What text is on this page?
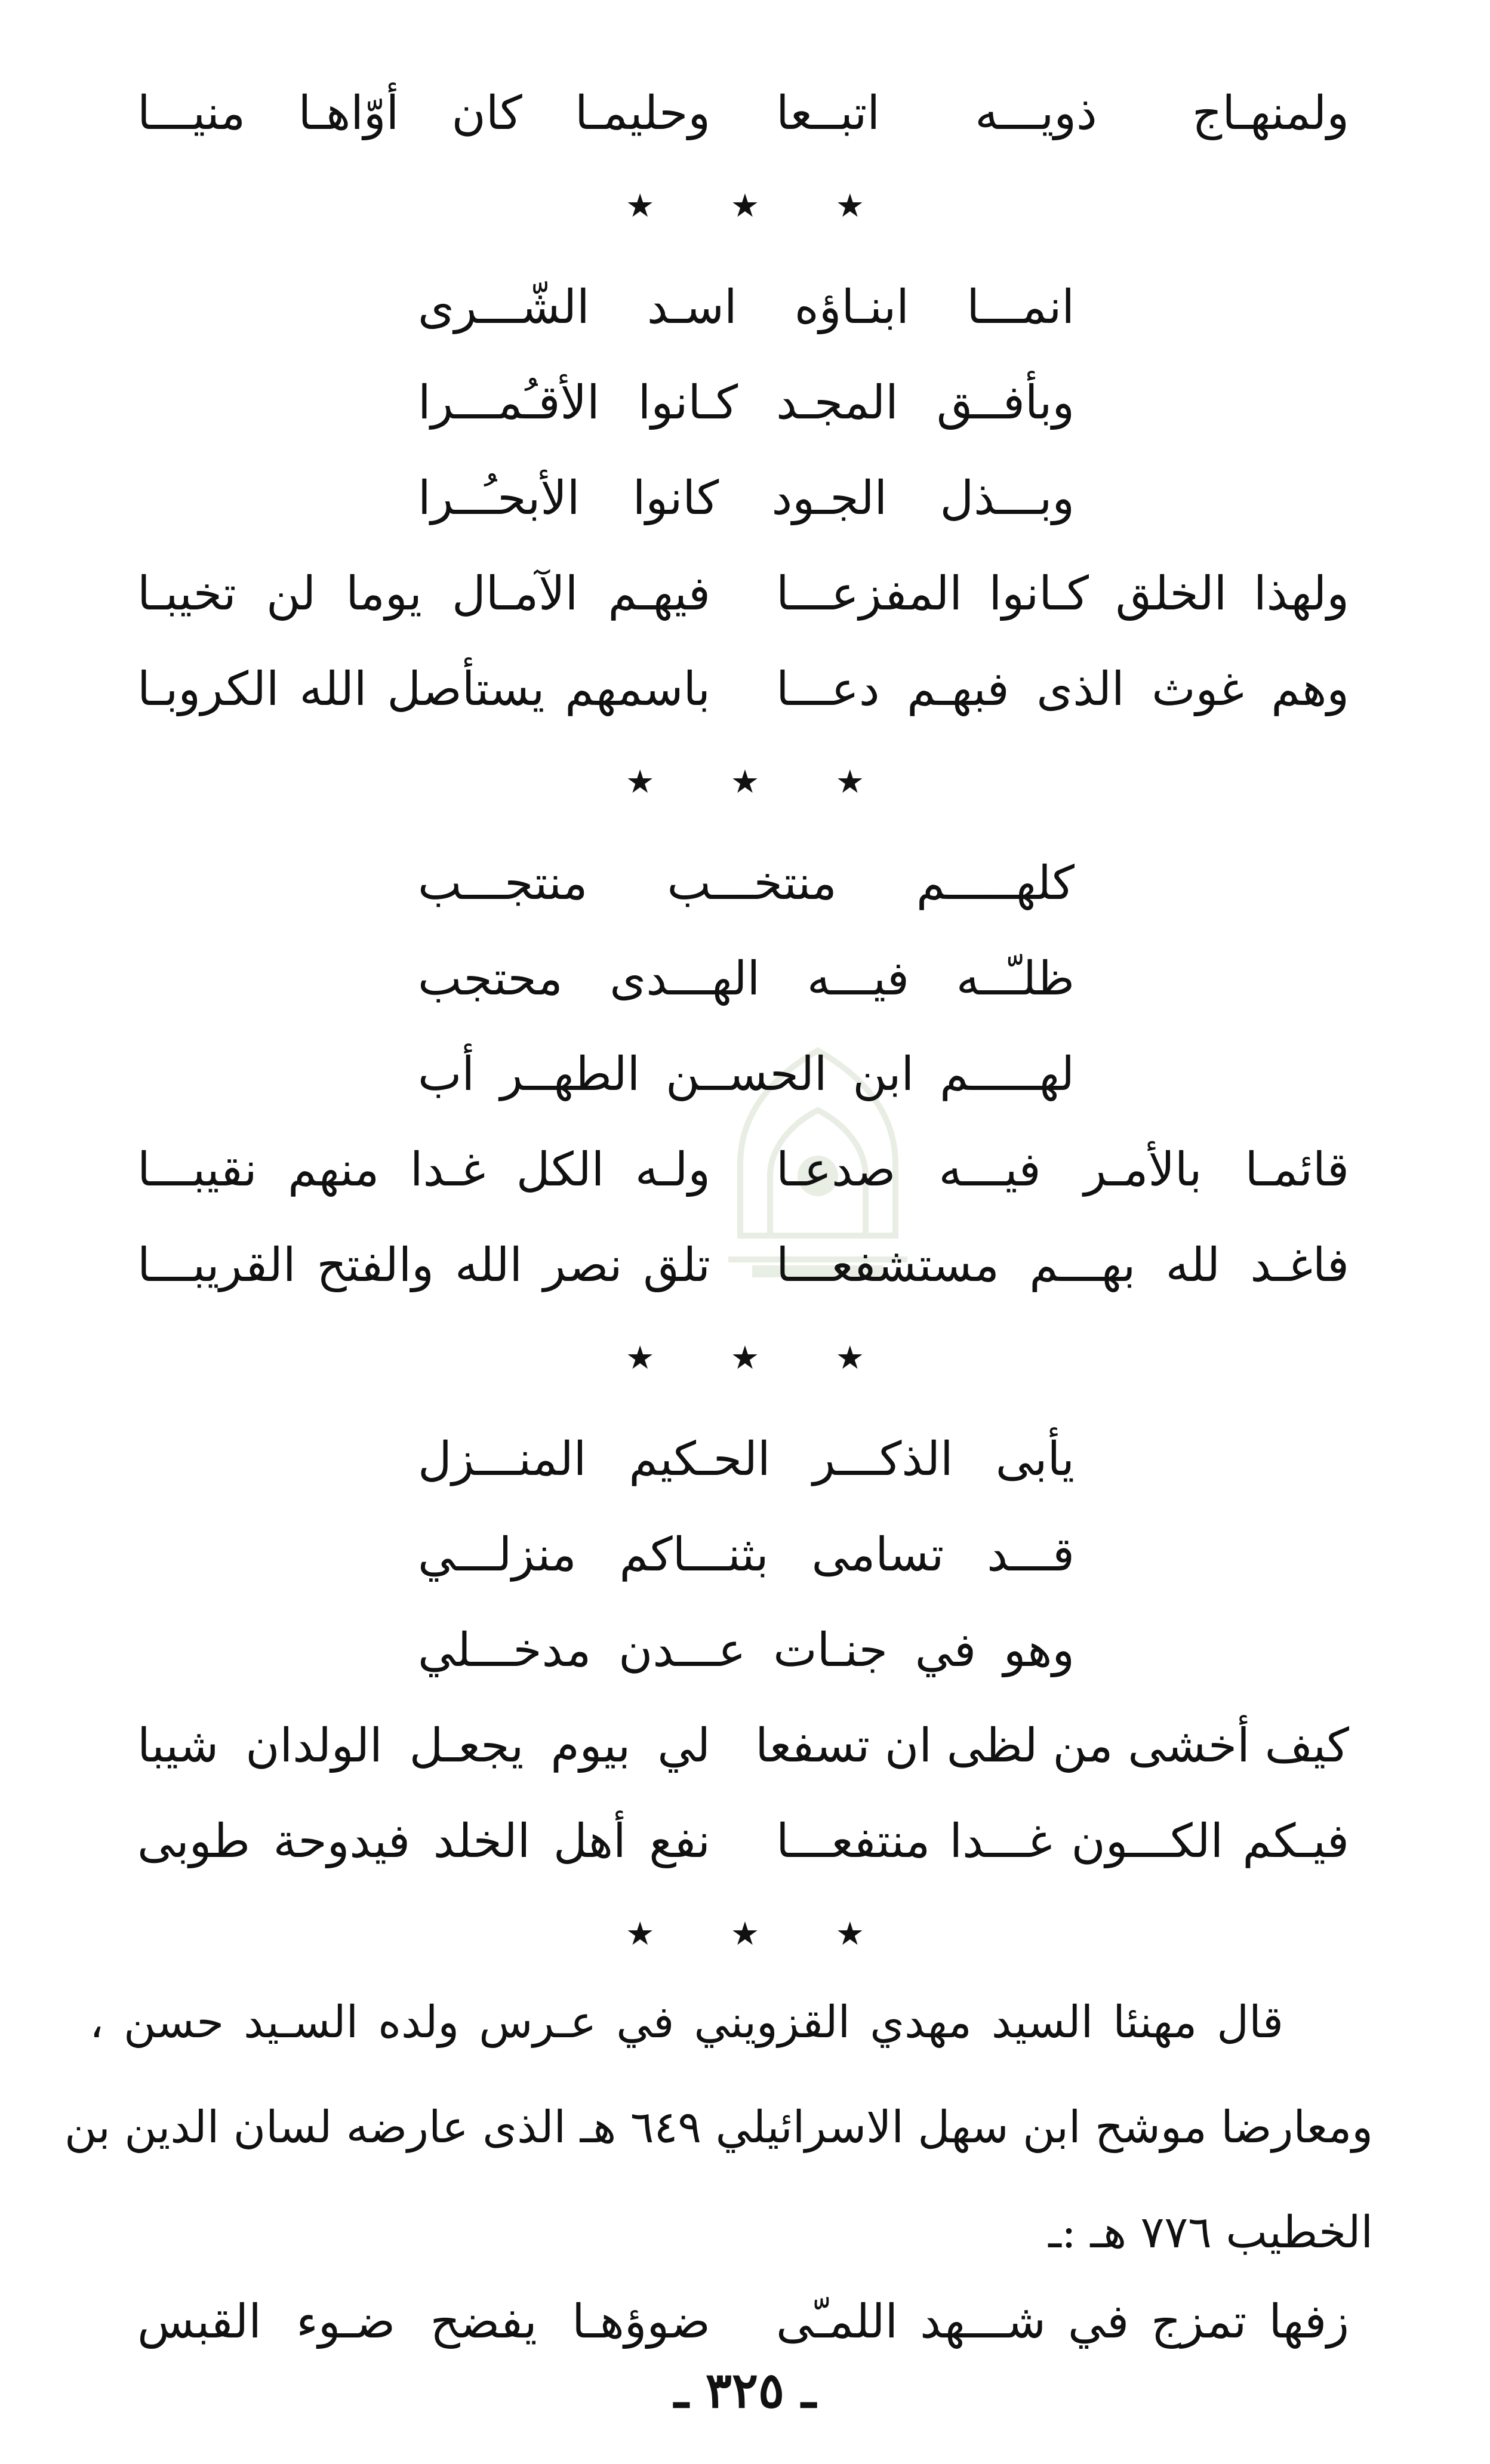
ولمنهـاج ذويـــه اتبــعا
وحليمـا كان أوّاهـا منيـــا
★
★
★
انمـــا ابنـاؤه اسـد الشّـــرى
وبأفــق المجـد كـانوا الأقـُمـــرا
وبـــذل الجـود كانوا الأبحـُــرا
ولهذا الخلق كـانوا المفزعـــا
فيهـم الآمـال يوما لن تخيبـا
وهم غوث الذى فبهـم دعـــا
باسمهم يستأصل الله الكروبـا
★
★
★
كلهـــــم منتخـــب منتجـــب
ظلـّــه فيـــه الهـــدى محتجب
لهـــــم ابن الحســن الطهــر أب
قائمـا بالأمـر فيـــه صدعـا
ولـه الكل غـدا منهم نقيبـــا
فاغـد لله بهـــم مستشفعـــا
تلق نصر الله والفتح القريبـــا
★
★
★
يأبى الذكـــر الحـكيم المنـــزل
قـــد تسامى بثنـــاكم منزلـــي
وهو في جنـات عـــدن مدخـــلي
كيف أخشى من لظى ان تسفعا
لي بيوم يجعـل الولدان شيبا
فيـكم الكـــون غـــدا منتفعـــا
نفع أهل الخلد فيدوحة طوبى
★
★
★
قال مهنئا السيد مهدي القزويني في عـرس ولده السـيد حسن ،
ومعارضا موشح ابن سهل الاسرائيلي ٦٤٩ هـ الذى عارضه لسان الدين بن
الخطيب ٧٧٦ هـ :ـ
زفها تمزج في شـــهد اللمـّى
ضوؤهـا يفضح ضـوء القبس
ـ ٣٢٥ ـ
